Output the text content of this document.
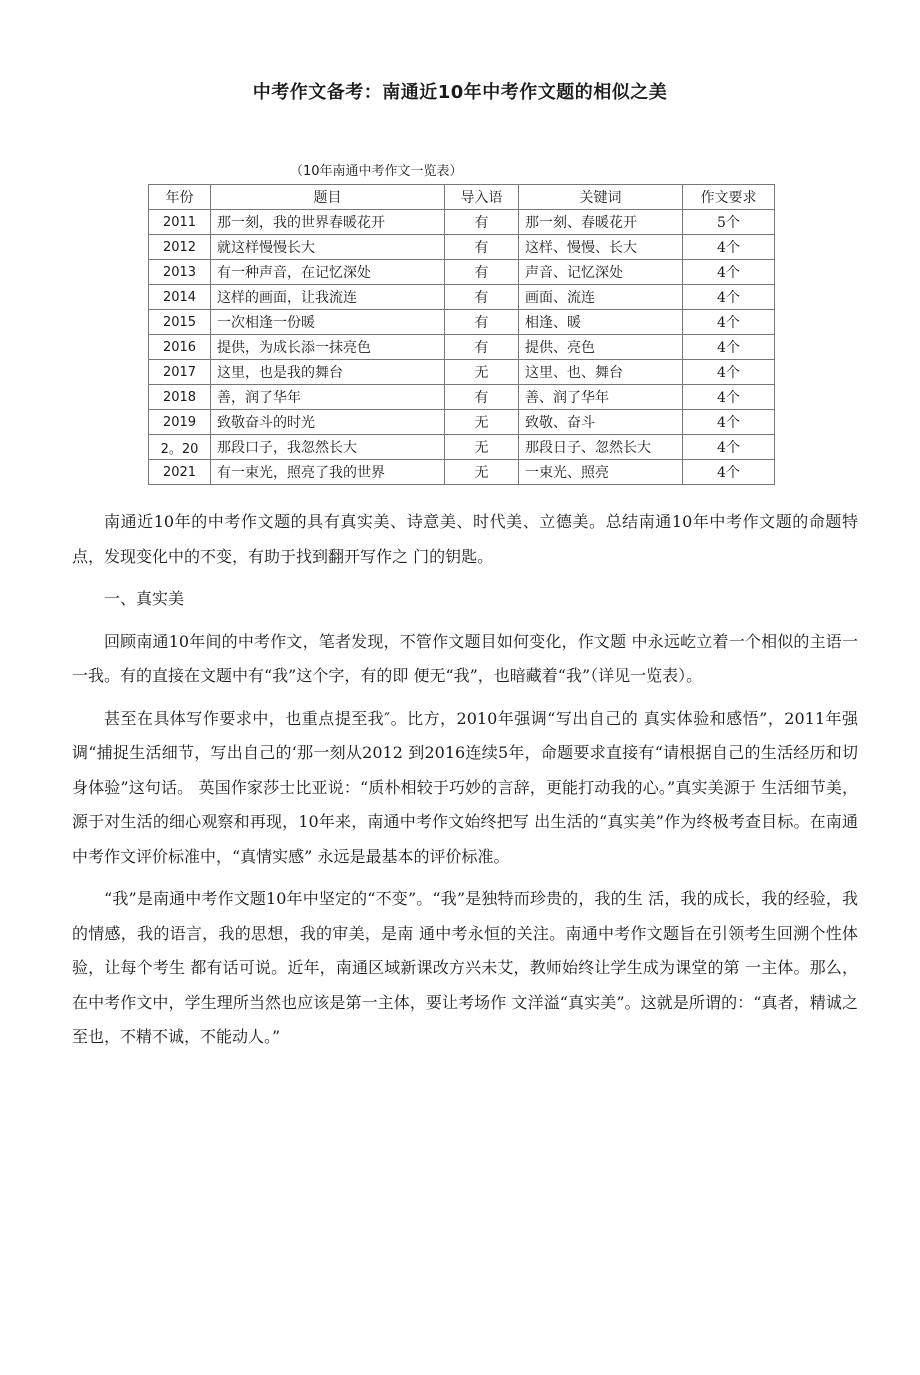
中考作文备考：南通近10年中考作文题的相似之美
（10年南通中考作文一览表）
年份	题目	导入语	关键词	作文要求
2011	那一刻，我的世界春暖花开	有	那一刻、春暖花开	5个
2012	就这样慢慢长大	有	这样、慢慢、长大	4个
2013	有一种声音，在记忆深处	有	声音、记忆深处	4个
2014	这样的画面，让我流连	有	画面、流连	4个
2015	一次相逢一份暖	有	相逢、暖	4个
2016	提供，为成长添一抹亮色	有	提供、亮色	4个
2017	这里，也是我的舞台	无	这里、也、舞台	4个
2018	善，润了华年	有	善、润了华年	4个
2019	致敬奋斗的时光	无	致敬、奋斗	4个
2。20	那段口子，我忽然长大	无	那段日子、忽然长大	4个
2021	有一束光，照亮了我的世界	无	一束光、照亮	4个

南通近10年的中考作文题的具有真实美、诗意美、时代美、立德美。总结南通10年中考作文题的命题特点，发现变化中的不变，有助于找到翻开写作之 门的钥匙。

一、真实美

回顾南通10年间的中考作文，笔者发现，不管作文题目如何变化，作文题 中永远屹立着一个相似的主语一一我。有的直接在文题中有“我”这个字，有的即 便无“我”，也暗藏着“我”（详见一览表）。

甚至在具体写作要求中，也重点提至我″。比方，2010年强调“写出自己的 真实体验和感悟”，2011年强调“捕捉生活细节，写出自己的‘那一刻从2012 到2016连续5年，命题要求直接有“请根据自己的生活经历和切身体验”这句话。 英国作家莎士比亚说：“质朴相较于巧妙的言辞，更能打动我的心。”真实美源于 生活细节美，源于对生活的细心观察和再现，10年来，南通中考作文始终把写 出生活的“真实美”作为终极考查目标。在南通中考作文评价标准中，“真情实感” 永远是最基本的评价标准。

“我”是南通中考作文题10年中坚定的“不变”。“我”是独特而珍贵的，我的生 活，我的成长，我的经验，我的情感，我的语言，我的思想，我的审美，是南 通中考永恒的关注。南通中考作文题旨在引领考生回溯个性体验，让每个考生 都有话可说。近年，南通区域新课改方兴未艾，教师始终让学生成为课堂的第 一主体。那么，在中考作文中，学生理所当然也应该是第一主体，要让考场作 文洋溢“真实美”。这就是所谓的：“真者，精诚之至也，不精不诚，不能动人。”
